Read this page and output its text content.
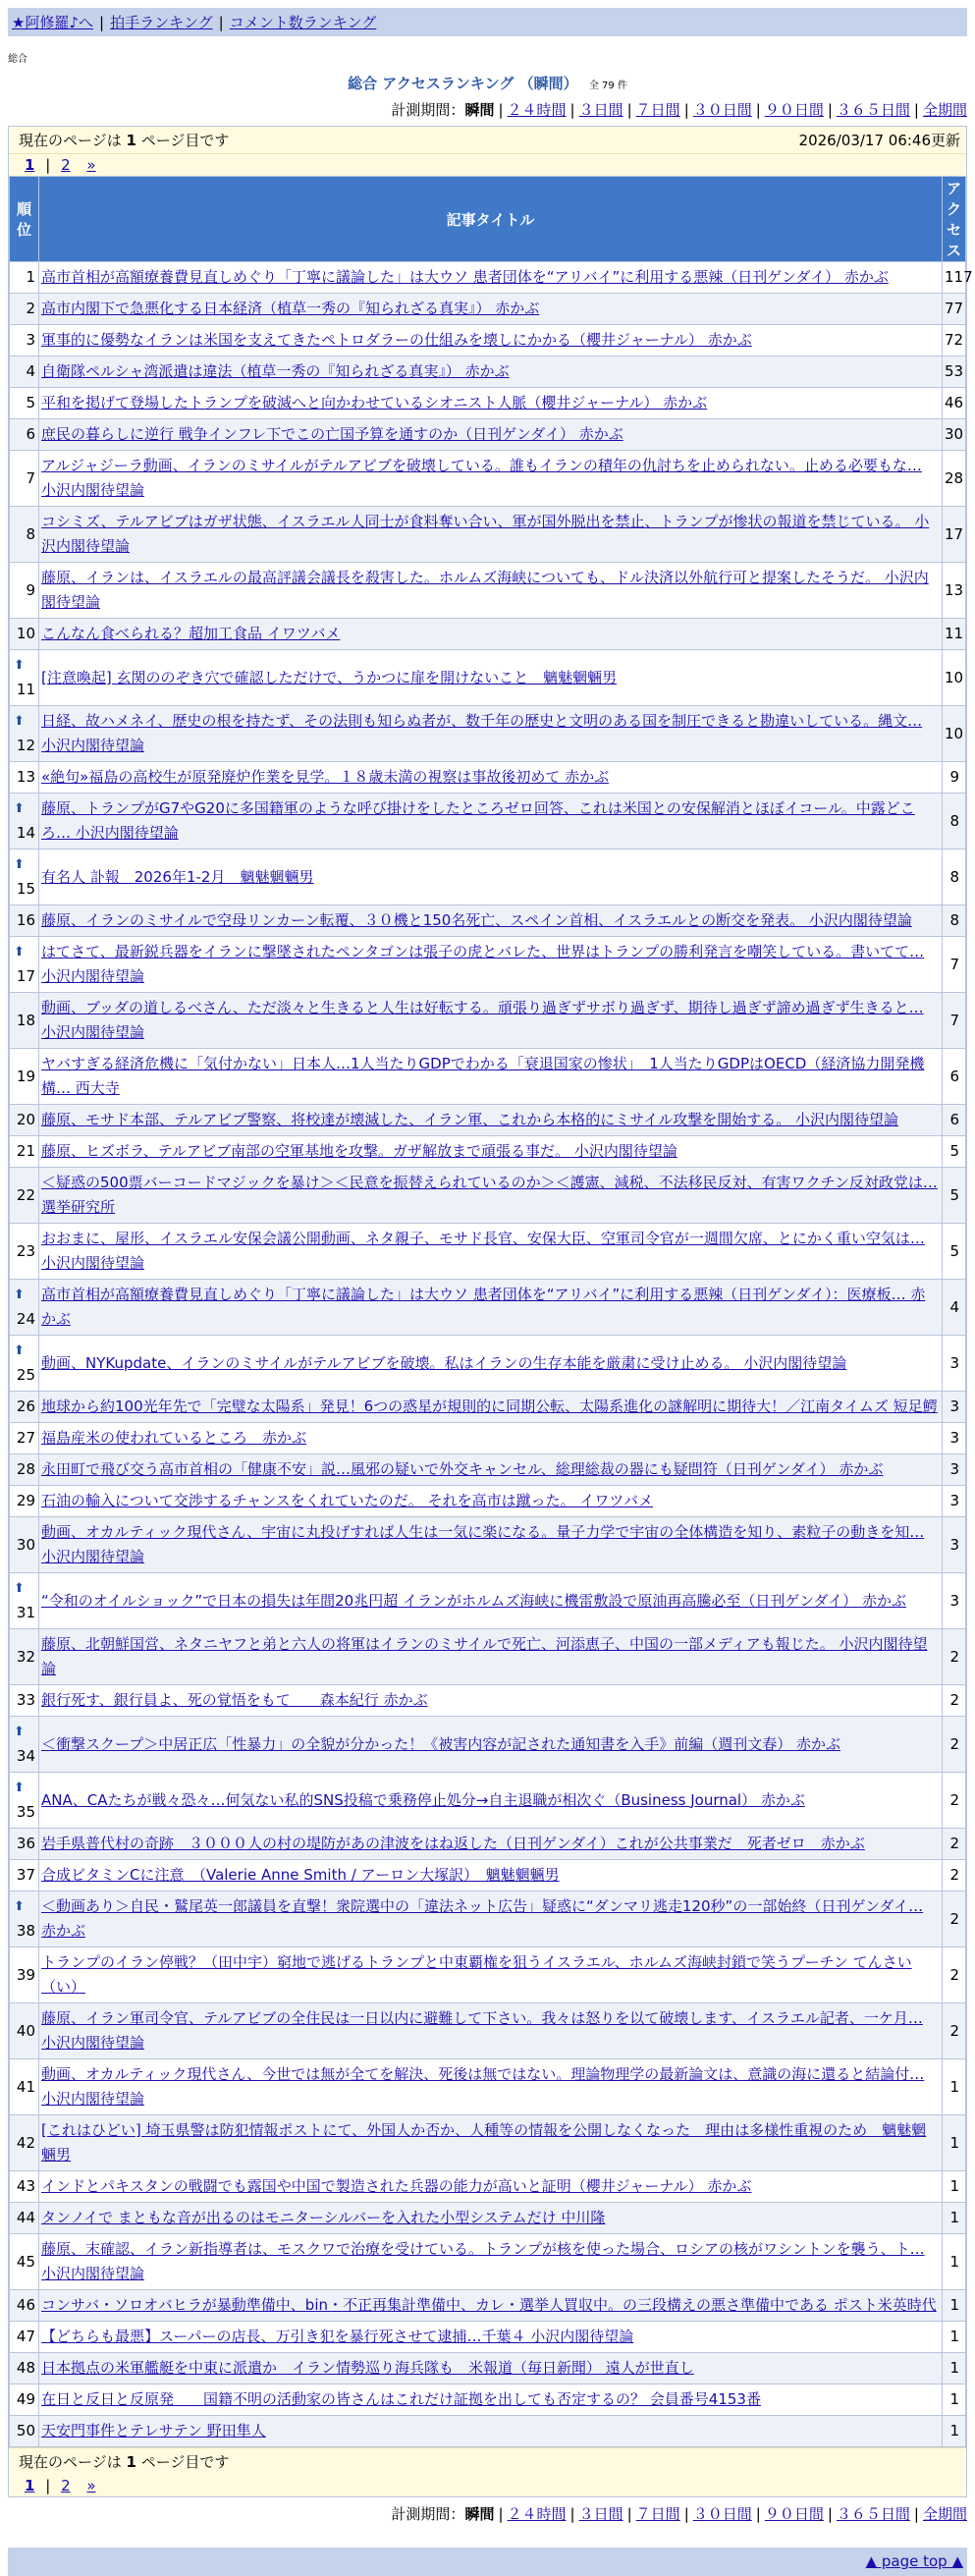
★阿修羅♪へ | 拍手ランキング | コメント数ランキング
総合
総合 アクセスランキング （瞬間） 全 79 件
計測期間：瞬間 | ２４時間 | ３日間 | ７日間 | ３０日間 | ９０日間 | ３６５日間 | 全期間
現在のページは 1 ページ目です	2026/03/17 06:46更新
1 | 2 »
順位	記事タイトル	アクセス
1	高市首相が高額療養費見直しめぐり「丁寧に議論した」は大ウソ 患者団体を“アリバイ”に利用する悪辣（日刊ゲンダイ） 赤かぶ	117
2	高市内閣下で急悪化する日本経済（植草一秀の『知られざる真実』） 赤かぶ	77
3	軍事的に優勢なイランは米国を支えてきたペトロダラーの仕組みを壊しにかかる（櫻井ジャーナル） 赤かぶ	72
4	自衛隊ペルシャ湾派遣は違法（植草一秀の『知られざる真実』） 赤かぶ	53
5	平和を掲げて登場したトランプを破滅へと向かわせているシオニスト人脈（櫻井ジャーナル） 赤かぶ	46
6	庶民の暮らしに逆行 戦争インフレ下でこの亡国予算を通すのか（日刊ゲンダイ） 赤かぶ	30
7	アルジャジーラ動画、イランのミサイルがテルアビブを破壊している。誰もイランの積年の仇討ちを止められない。止める必要もな… 小沢内閣待望論	28
8	コシミズ、テルアビブはガザ状態、イスラエル人同士が食料奪い合い、軍が国外脱出を禁止、トランプが惨状の報道を禁じている。 小沢内閣待望論	17
9	藤原、イランは、イスラエルの最高評議会議長を殺害した。ホルムズ海峡についても、ドル決済以外航行可と提案したそうだ。 小沢内閣待望論	13
10	こんなん食べられる？超加工食品 イワツバメ	11

⬆
11	[注意喚起] 玄関ののぞき穴で確認しただけで、うかつに扉を開けないこと　魑魅魍魎男	10

⬆
12	日経、故ハメネイ、歴史の根を持たず、その法則も知らぬ者が、数千年の歴史と文明のある国を制圧できると勘違いしている。縄文… 小沢内閣待望論	10
13	«絶句»福島の高校生が原発廃炉作業を見学。１８歳未満の視察は事故後初めて 赤かぶ	9

⬆
14	藤原、トランプがG7やG20に多国籍軍のような呼び掛けをしたところゼロ回答、これは米国との安保解消とほぼイコール。中露どころ… 小沢内閣待望論	8

⬆
15	有名人 訃報　2026年1-2月　魑魅魍魎男	8
16	藤原、イランのミサイルで空母リンカーン転覆、３０機と150名死亡、スペイン首相、イスラエルとの断交を発表。 小沢内閣待望論	8

⬆
17	はてさて、最新鋭兵器をイランに撃墜されたペンタゴンは張子の虎とバレた、世界はトランプの勝利発言を嘲笑している。書いてて… 小沢内閣待望論	7
18	動画、ブッダの道しるべさん、ただ淡々と生きると人生は好転する。頑張り過ぎずサボり過ぎず、期待し過ぎず諦め過ぎず生きると… 小沢内閣待望論	7
19	ヤバすぎる経済危機に「気付かない」日本人…1人当たりGDPでわかる「衰退国家の惨状」　1人当たりGDPはOECD（経済協力開発機構… 西大寺	6
20	藤原、モサド本部、テルアビブ警察、将校達が壊滅した、イラン軍、これから本格的にミサイル攻撃を開始する。 小沢内閣待望論	6
21	藤原、ヒズボラ、テルアビブ南部の空軍基地を攻撃。ガザ解放まで頑張る事だ。 小沢内閣待望論	5
22	＜疑惑の500票バーコードマジックを暴け＞＜民意を振替えられているのか＞＜護憲、減税、不法移民反対、有害ワクチン反対政党は… 選挙研究所	5
23	おおまに、屋形、イスラエル安保会議公開動画、ネタ親子、モサド長官、安保大臣、空軍司令官が一週間欠席、とにかく重い空気は… 小沢内閣待望論	5

⬆
24	高市首相が高額療養費見直しめぐり「丁寧に議論した」は大ウソ 患者団体を“アリバイ”に利用する悪辣（日刊ゲンダイ）：医療板… 赤かぶ	4

⬆
25	動画、NYKupdate、イランのミサイルがテルアビブを破壊。私はイランの生存本能を厳粛に受け止める。 小沢内閣待望論	3
26	地球から約100光年先で「完璧な太陽系」発見！6つの惑星が規則的に同期公転、太陽系進化の謎解明に期待大！／江南タイムズ 短足鰐	3
27	福島産米の使われているところ　赤かぶ	3
28	永田町で飛び交う高市首相の「健康不安」説…風邪の疑いで外交キャンセル、総理総裁の器にも疑問符（日刊ゲンダイ） 赤かぶ	3
29	石油の輸入について交渉するチャンスをくれていたのだ。 それを高市は蹴った。 イワツバメ	3
30	動画、オカルティック現代さん、宇宙に丸投げすれば人生は一気に楽になる。量子力学で宇宙の全体構造を知り、素粒子の動きを知… 小沢内閣待望論	3

⬆
31	“令和のオイルショック”で日本の損失は年間20兆円超 イランがホルムズ海峡に機雷敷設で原油再高騰必至（日刊ゲンダイ） 赤かぶ	3
32	藤原、北朝鮮国営、ネタニヤフと弟と六人の将軍はイランのミサイルで死亡、河添恵子、中国の一部メディアも報じた。 小沢内閣待望論	2
33	銀行死す、銀行員よ、死の覚悟をもて　　森本紀行 赤かぶ	2

⬆
34	＜衝撃スクープ＞中居正広「性暴力」の全貌が分かった！《被害内容が記された通知書を入手》前編（週刊文春） 赤かぶ	2

⬆
35	ANA、CAたちが戦々恐々…何気ない私的SNS投稿で乗務停止処分→自主退職が相次ぐ（Business Journal） 赤かぶ	2
36	岩手県普代村の奇跡　３０００人の村の堤防があの津波をはね返した（日刊ゲンダイ）これが公共事業だ　死者ゼロ　赤かぶ	2
37	合成ビタミンCに注意　（Valerie Anne Smith / アーロン大塚訳）　魑魅魍魎男	2

⬆
38	＜動画あり＞自民・鷲尾英一郎議員を直撃！衆院選中の「違法ネット広告」疑惑に“ダンマリ逃走120秒”の一部始終（日刊ゲンダイ… 赤かぶ	2
39	トランプのイラン停戦？（田中宇）窮地で逃げるトランプと中東覇権を狙うイスラエル、ホルムズ海峡封鎖で笑うプーチン てんさい（い）	2
40	藤原、イラン軍司令官、テルアビブの全住民は一日以内に避難して下さい。我々は怒りを以て破壊します、イスラエル記者、一ケ月… 小沢内閣待望論	2
41	動画、オカルティック現代さん、今世では無が全てを解決、死後は無ではない。理論物理学の最新論文は、意識の海に還ると結論付… 小沢内閣待望論	1
42	[これはひどい] 埼玉県警は防犯情報ポストにて、外国人か否か、人種等の情報を公開しなくなった　理由は多様性重視のため　魑魅魍魎男	1
43	インドとパキスタンの戦闘でも露国や中国で製造された兵器の能力が高いと証明（櫻井ジャーナル） 赤かぶ	1
44	タンノイで まともな音が出るのはモニターシルバーを入れた小型システムだけ 中川隆	1
45	藤原、末確認、イラン新指導者は、モスクワで治療を受けている。トランプが核を使った場合、ロシアの核がワシントンを襲う、ト… 小沢内閣待望論	1
46	コンサバ・ソロオバヒラが暴動準備中、bin・不正再集計準備中、カレ・選挙人買収中。の三段構えの悪さ準備中である ポスト米英時代	1
47	【どちらも最悪】スーパーの店長、万引き犯を暴行死させて逮捕…千葉４ 小沢内閣待望論	1
48	日本拠点の米軍艦艇を中東に派遣か　イラン情勢巡り海兵隊も　米報道（毎日新聞） 遠人が世直し	1
49	在日と反日と反原発　　国籍不明の活動家の皆さんはこれだけ証拠を出しても否定するの？ 会員番号4153番	1
50	天安門事件とテレサテン 野田隼人	1
現在のページは 1 ページ目です
1 | 2 »
計測期間：瞬間 | ２４時間 | ３日間 | ７日間 | ３０日間 | ９０日間 | ３６５日間 | 全期間
▲ page top ▲
